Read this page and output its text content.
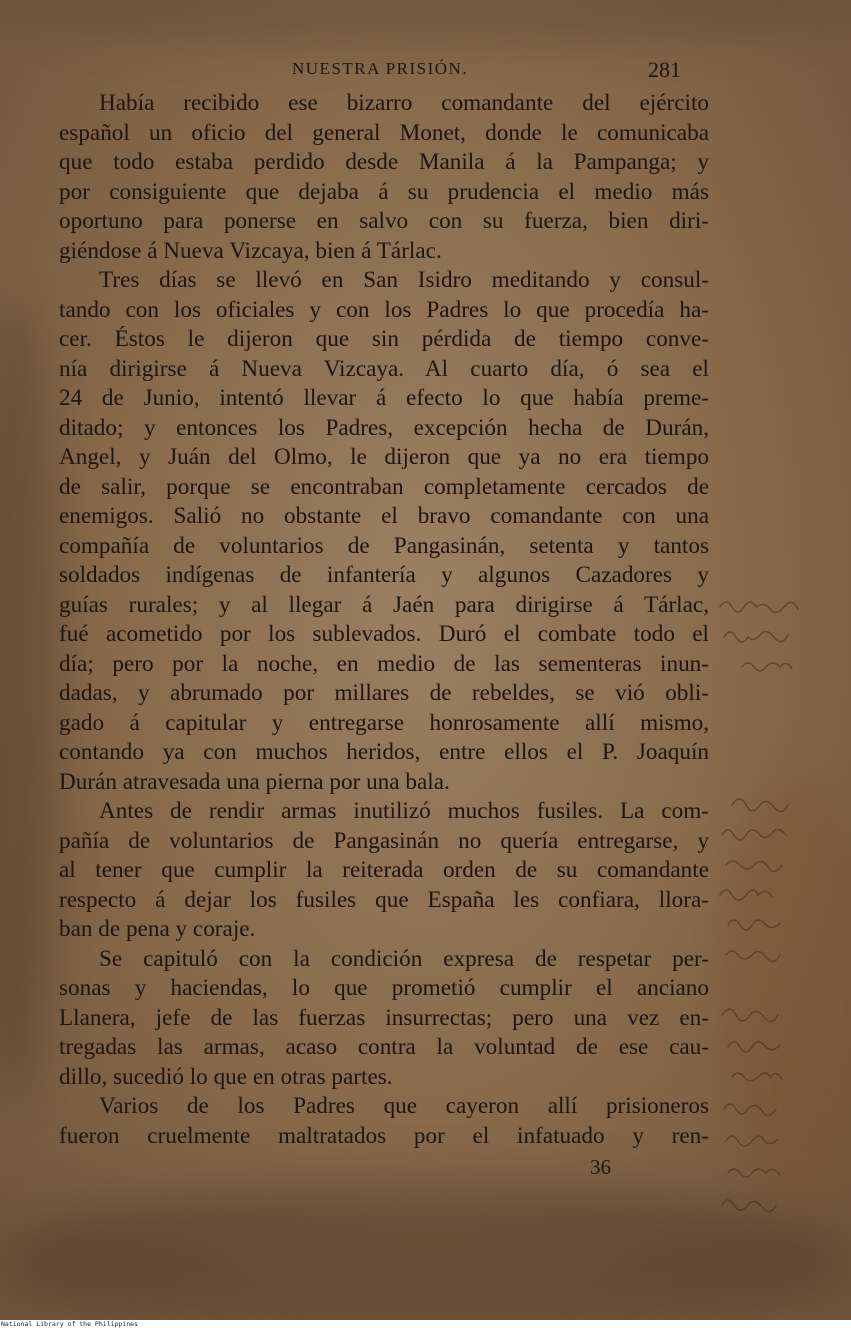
NUESTRA PRISIÓN.	281
Había recibido ese bizarro comandante del ejército
español un oficio del general Monet, donde le comunicaba
que todo estaba perdido desde Manila á la Pampanga; y
por consiguiente que dejaba á su prudencia el medio más
oportuno para ponerse en salvo con su fuerza, bien diri-
giéndose á Nueva Vizcaya, bien á Tárlac.
Tres días se llevó en San Isidro meditando y consul-
tando con los oficiales y con los Padres lo que procedía ha-
cer. Éstos le dijeron que sin pérdida de tiempo conve-
nía dirigirse á Nueva Vizcaya. Al cuarto día, ó sea el
24 de Junio, intentó llevar á efecto lo que había preme-
ditado; y entonces los Padres, excepción hecha de Durán,
Angel, y Juán del Olmo, le dijeron que ya no era tiempo
de salir, porque se encontraban completamente cercados de
enemigos. Salió no obstante el bravo comandante con una
compañía de voluntarios de Pangasinán, setenta y tantos
soldados indígenas de infantería y algunos Cazadores y
guías rurales; y al llegar á Jaén para dirigirse á Tárlac,
fué acometido por los sublevados. Duró el combate todo el
día; pero por la noche, en medio de las sementeras inun-
dadas, y abrumado por millares de rebeldes, se vió obli-
gado á capitular y entregarse honrosamente allí mismo,
contando ya con muchos heridos, entre ellos el P. Joaquín
Durán atravesada una pierna por una bala.
Antes de rendir armas inutilizó muchos fusiles. La com-
pañía de voluntarios de Pangasinán no quería entregarse, y
al tener que cumplir la reiterada orden de su comandante
respecto á dejar los fusiles que España les confiara, llora-
ban de pena y coraje.
Se capituló con la condición expresa de respetar per-
sonas y haciendas, lo que prometió cumplir el anciano
Llanera, jefe de las fuerzas insurrectas; pero una vez en-
tregadas las armas, acaso contra la voluntad de ese cau-
dillo, sucedió lo que en otras partes.
Varios de los Padres que cayeron allí prisioneros
fueron cruelmente maltratados por el infatuado y ren-
36
National Library of the Philippines
